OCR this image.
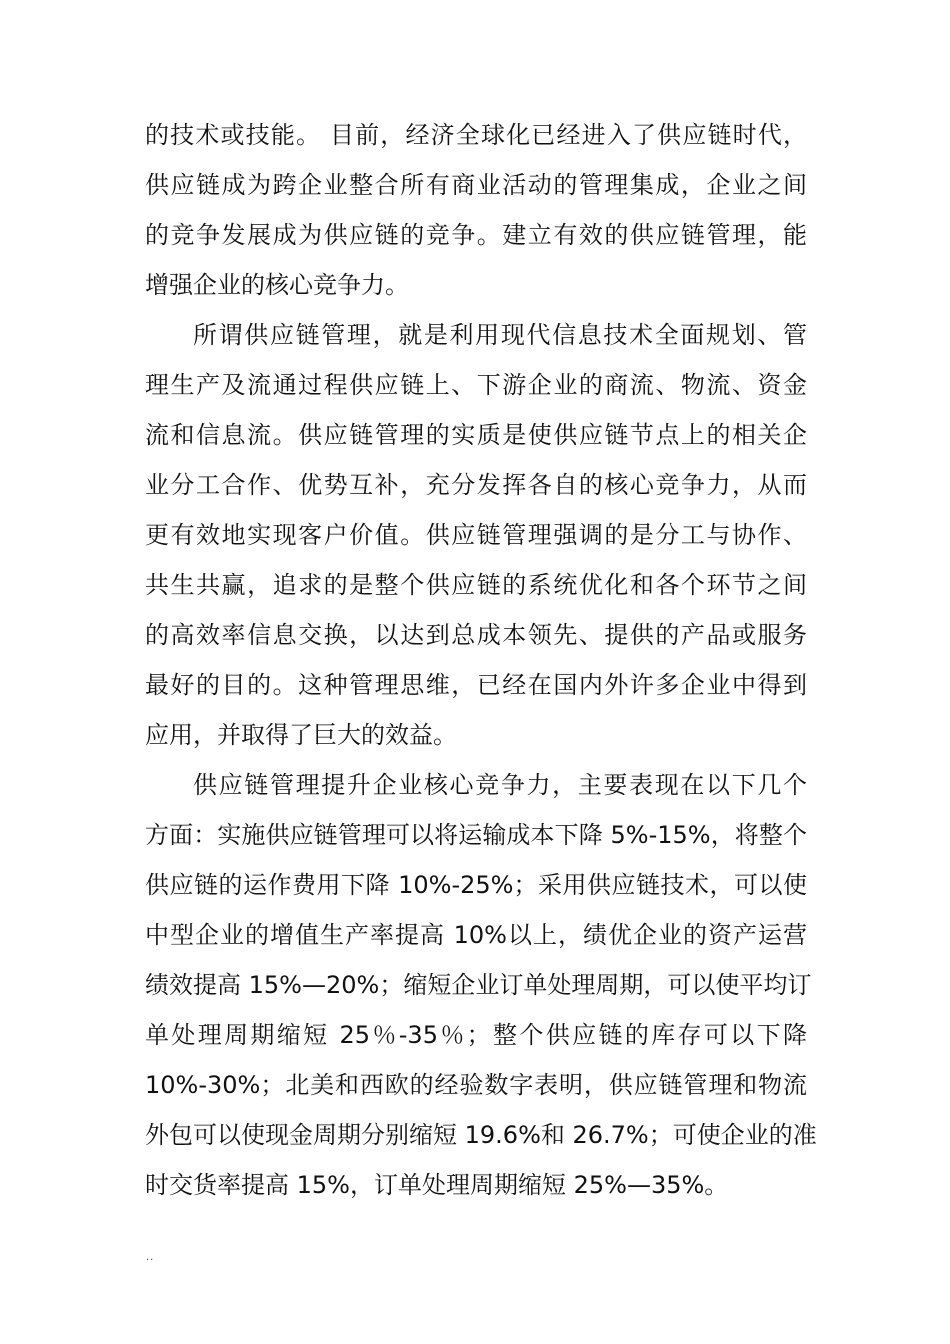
的技术或技能。 目前，经济全球化已经进入了供应链时代，
供应链成为跨企业整合所有商业活动的管理集成，企业之间
的竞争发展成为供应链的竞争。建立有效的供应链管理，能
增强企业的核心竞争力。
所谓供应链管理，就是利用现代信息技术全面规划、管
理生产及流通过程供应链上、下游企业的商流、物流、资金
流和信息流。供应链管理的实质是使供应链节点上的相关企
业分工合作、优势互补，充分发挥各自的核心竞争力，从而
更有效地实现客户价值。供应链管理强调的是分工与协作、
共生共赢，追求的是整个供应链的系统优化和各个环节之间
的高效率信息交换，以达到总成本领先、提供的产品或服务
最好的目的。这种管理思维，已经在国内外许多企业中得到
应用，并取得了巨大的效益。
供应链管理提升企业核心竞争力，主要表现在以下几个
方面：实施供应链管理可以将运输成本下降 5%-15%，将整个
供应链的运作费用下降 10%-25%；采用供应链技术，可以使
中型企业的增值生产率提高 10%以上，绩优企业的资产运营
绩效提高 15%—20%；缩短企业订单处理周期，可以使平均订
单处理周期缩短 25％-35％；整个供应链的库存可以下降
10%-30%；北美和西欧的经验数字表明，供应链管理和物流
外包可以使现金周期分别缩短 19.6%和 26.7%；可使企业的准
时交货率提高 15%，订单处理周期缩短 25%—35%。
..
